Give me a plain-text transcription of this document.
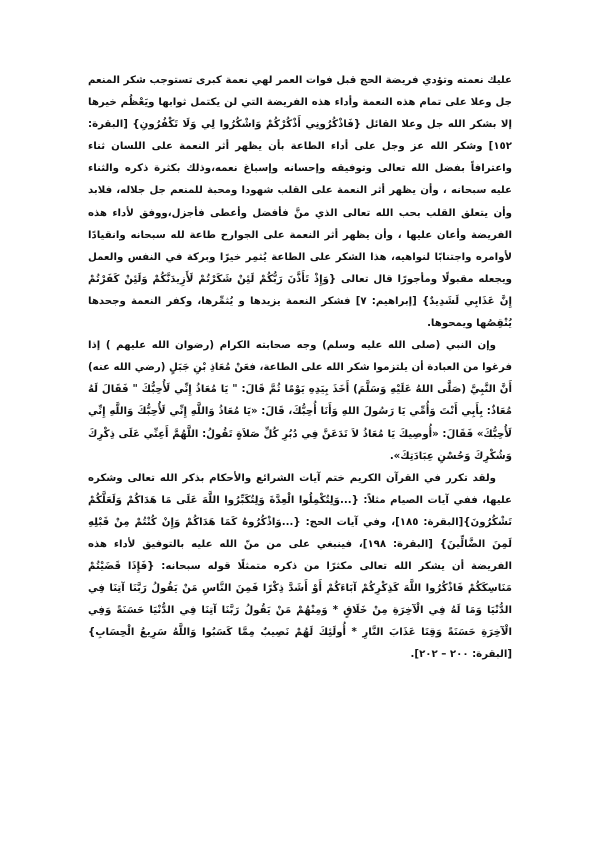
عليك نعمته وتؤدي فريضة الحج قبل فوات العمر لهي نعمة كبرى تستوجب شكر المنعم جل وعلا على تمام هذه النعمة وأداء هذه الفريضة التي لن يكتمل ثوابها ويَعْظُم خيرها إلا بشكر الله جل وعلا القائل {فَاذْكُرُونِي أَذْكُرْكُمْ وَاشْكُرُوا لِي وَلَا تَكْفُرُونِ} [البقرة: ١٥٢] وشكر الله عز وجل على أداء الطاعة بأن يظهر أثر النعمة على اللسان ثناء واعترافاً بفضل الله تعالى وتوفيقه وإحسانه وإسباغ نعمه،وذلك بكثرة ذكره والثناء عليه سبحانه ، وأن يظهر أثر النعمة على القلب شهودا ومحبة للمنعم جل جلاله، فلابد وأن يتعلق القلب بحب الله تعالى الذي منَّ فأفضل وأعطى فأجزل،ووفق لأداء هذه الفريضة وأعان عليها ، وأن يظهر أثر النعمة على الجوارح طاعة لله سبحانه وانقيادًا لأوامره واجتنابًا لنواهيه، هذا الشكر على الطاعة يُثمِر خيرًا وبركة في النفس والعمل ويجعله مقبولًا ومأجورًا قال تعالى {وَإِذْ تَأَذَّنَ رَبُّكُمْ لَئِنْ شَكَرْتُمْ لَأَزِيدَنَّكُمْ وَلَئِنْ كَفَرْتُمْ إِنَّ عَذَابِي لَشَدِيدٌ} [إبراهيم: ٧] فشكر النعمة يزيدها و يُثمِّرها، وكفر النعمة وجحدها يُنْقِصُها ويمحوها.

وإن النبي (صلى الله عليه وسلم) وجه صحابته الكرام (رضوان الله عليهم ) إذا فرغوا من العبادة أن يلتزموا شكر الله على الطاعة، فعَنْ مُعَاذِ بْنِ جَبَلٍ (رضي الله عنه) أَنَّ النَّبِيَّ (صَلَّى اللهُ عَلَيْهِ وَسَلَّمَ) أَخَذَ بِيَدِهِ يَوْمًا ثُمَّ قَالَ: " يَا مُعَاذُ إِنِّي لَأُحِبُّكَ " فَقَالَ لَهُ مُعَاذٌ: بِأَبِي أَنْتَ وَأُمِّي يَا رَسُولَ اللهِ وَأَنَا أُحِبُّكَ، قَالَ: «يَا مُعَاذُ وَاللَّهِ إِنِّي لَأُحِبُّكَ وَاللَّهِ إِنِّي لَأُحِبُّكَ» فَقَالَ: «أُوصِيكَ يَا مُعَاذُ لاَ تَدَعَنَّ فِي دُبُرِ كُلِّ صَلاَةٍ تَقُولُ: اللَّهُمَّ أَعِنِّي عَلَى ذِكْرِكَ وَشُكْرِكَ وَحُسْنِ عِبَادَتِكَ».

ولقد تكرر في القرآن الكريم ختم آيات الشرائع والأحكام بذكر الله تعالى وشكره عليها، ففي آيات الصيام مثلاً: {...وَلِتُكْمِلُوا الْعِدَّةَ وَلِتُكَبِّرُوا اللَّهَ عَلَى مَا هَدَاكُمْ وَلَعَلَّكُمْ تَشْكُرُونَ}[البقرة: ١٨٥]، وفي آيات الحج: {...وَاذْكُرُوهُ كَمَا هَدَاكُمْ وَإِنْ كُنْتُمْ مِنْ قَبْلِهِ لَمِنَ الضَّالِّينَ} [البقرة: ١٩٨]، فينبغي على من منّ الله عليه بالتوفيق لأداء هذه الفريضة أن يشكر الله تعالى مكثرًا من ذكره متمثلًا قوله سبحانه: {فَإِذَا قَضَيْتُمْ مَنَاسِكَكُمْ فَاذْكُرُوا اللَّهَ كَذِكْرِكُمْ آبَاءَكُمْ أَوْ أَشَدَّ ذِكْرًا فَمِنَ النَّاسِ مَنْ يَقُولُ رَبَّنَا آتِنَا فِي الدُّنْيَا وَمَا لَهُ فِي الْآخِرَةِ مِنْ خَلَاقٍ * وَمِنْهُمْ مَنْ يَقُولُ رَبَّنَا آتِنَا فِي الدُّنْيَا حَسَنَةً وَفِي الْآخِرَةِ حَسَنَةً وَقِنَا عَذَابَ النَّارِ * أُولَئِكَ لَهُمْ نَصِيبٌ مِمَّا كَسَبُوا وَاللَّهُ سَرِيعُ الْحِسَابِ}[البقرة: ٢٠٠ – ٢٠٢].
